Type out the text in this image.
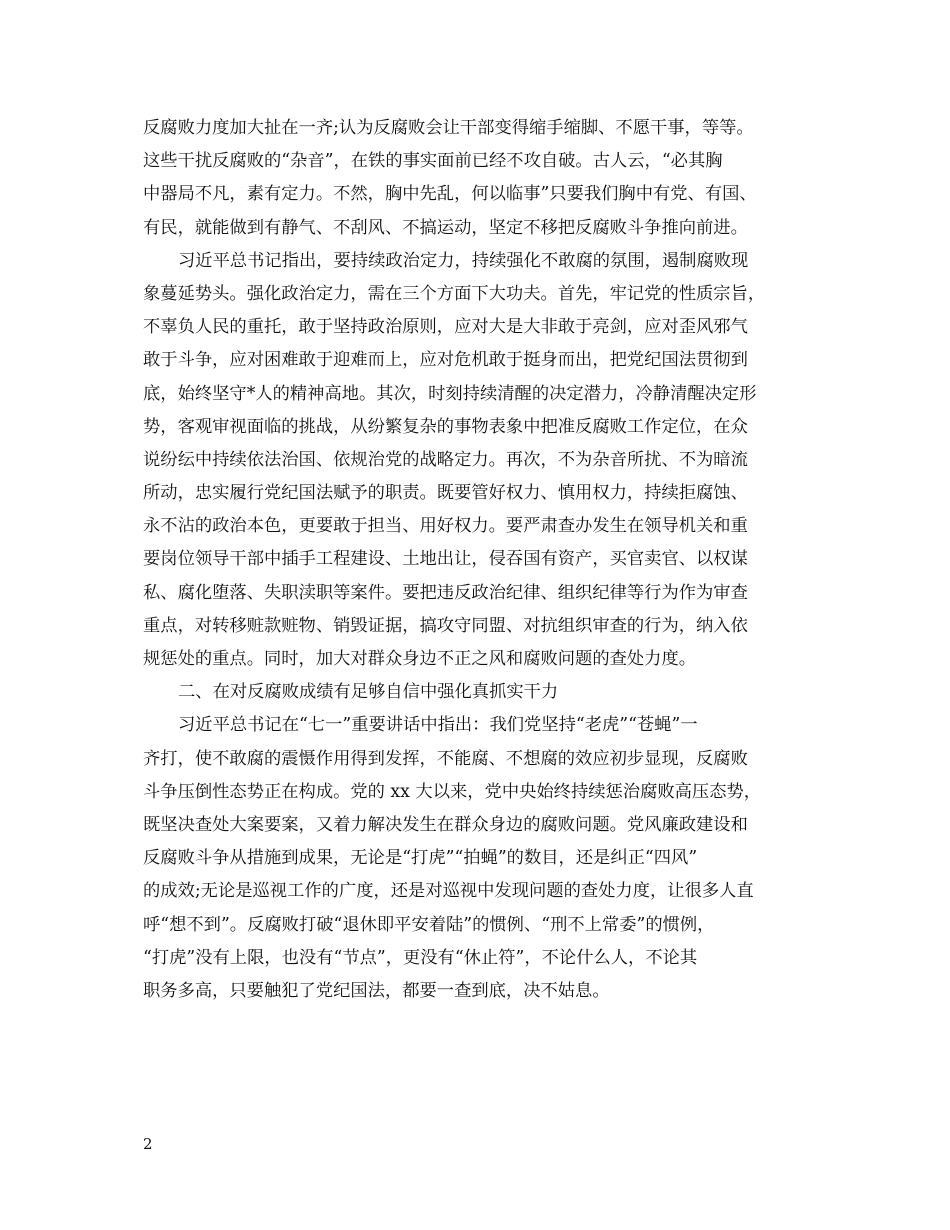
反腐败力度加大扯在一齐;认为反腐败会让干部变得缩手缩脚、不愿干事，等等。
这些干扰反腐败的“杂音”，在铁的事实面前已经不攻自破。古人云，“必其胸
中器局不凡，素有定力。不然，胸中先乱，何以临事”只要我们胸中有党、有国、
有民，就能做到有静气、不刮风、不搞运动，坚定不移把反腐败斗争推向前进。
习近平总书记指出，要持续政治定力，持续强化不敢腐的氛围，遏制腐败现
象蔓延势头。强化政治定力，需在三个方面下大功夫。首先，牢记党的性质宗旨，
不辜负人民的重托，敢于坚持政治原则，应对大是大非敢于亮剑，应对歪风邪气
敢于斗争，应对困难敢于迎难而上，应对危机敢于挺身而出，把党纪国法贯彻到
底，始终坚守*人的精神高地。其次，时刻持续清醒的决定潜力，冷静清醒决定形
势，客观审视面临的挑战，从纷繁复杂的事物表象中把准反腐败工作定位，在众
说纷纭中持续依法治国、依规治党的战略定力。再次，不为杂音所扰、不为暗流
所动，忠实履行党纪国法赋予的职责。既要管好权力、慎用权力，持续拒腐蚀、
永不沾的政治本色，更要敢于担当、用好权力。要严肃查办发生在领导机关和重
要岗位领导干部中插手工程建设、土地出让，侵吞国有资产，买官卖官、以权谋
私、腐化堕落、失职渎职等案件。要把违反政治纪律、组织纪律等行为作为审查
重点，对转移赃款赃物、销毁证据，搞攻守同盟、对抗组织审查的行为，纳入依
规惩处的重点。同时，加大对群众身边不正之风和腐败问题的查处力度。
二、在对反腐败成绩有足够自信中强化真抓实干力
习近平总书记在“七一”重要讲话中指出：我们党坚持“老虎”“苍蝇”一
齐打，使不敢腐的震慑作用得到发挥，不能腐、不想腐的效应初步显现，反腐败
斗争压倒性态势正在构成。党的 xx 大以来，党中央始终持续惩治腐败高压态势，
既坚决查处大案要案，又着力解决发生在群众身边的腐败问题。党风廉政建设和
反腐败斗争从措施到成果，无论是“打虎”“拍蝇”的数目，还是纠正“四风”
的成效;无论是巡视工作的广度，还是对巡视中发现问题的查处力度，让很多人直
呼“想不到”。反腐败打破“退休即平安着陆”的惯例、“刑不上常委”的惯例，
“打虎”没有上限，也没有“节点”，更没有“休止符”，不论什么人，不论其
职务多高，只要触犯了党纪国法，都要一查到底，决不姑息。
2
